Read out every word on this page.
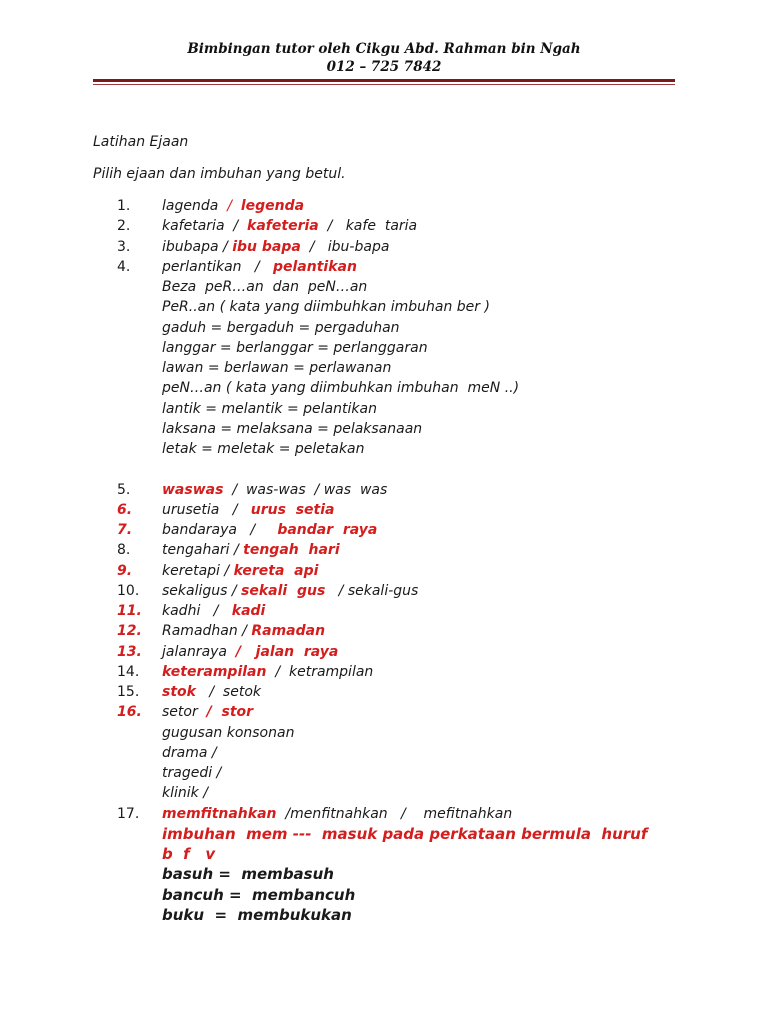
Bimbingan tutor oleh Cikgu Abd. Rahman bin Ngah
012 – 725 7842
Latihan Ejaan
Pilih ejaan dan imbuhan yang betul.
1.	lagenda  /  legenda
2.	kafetaria  /  kafeteria  /   kafe  taria
3.	ibubapa / ibu bapa  /   ibu-bapa
4.	perlantikan   /   pelantikan
Beza  peR…an  dan  peN…an
PeR..an ( kata yang diimbuhkan imbuhan ber )
gaduh = bergaduh = pergaduhan
langgar = berlanggar = perlanggaran
lawan = berlawan = perlawanan
peN…an ( kata yang diimbuhkan imbuhan  meN ..)
lantik = melantik = pelantikan
laksana = melaksana = pelaksanaan
letak = meletak = peletakan
5.	waswas  /  was-was  / was  was
6.	urusetia   /   urus  setia
7.	bandaraya   /     bandar  raya
8.	tengahari / tengah  hari
9.	keretapi / kereta  api
10.	sekaligus / sekali  gus   / sekali-gus
11.	kadhi   /   kadi
12.	Ramadhan / Ramadan
13.	jalanraya  /   jalan  raya
14.	keterampilan  /  ketrampilan
15.	stok   /  setok
16.	setor  /  stor
gugusan konsonan
drama /
tragedi /
klinik /
17.	memfitnahkan  /menfitnahkan   /    mefitnahkan
imbuhan  mem ---  masuk pada perkataan bermula  huruf
b  f   v
basuh =  membasuh
bancuh =  membancuh
buku  =  membukukan
